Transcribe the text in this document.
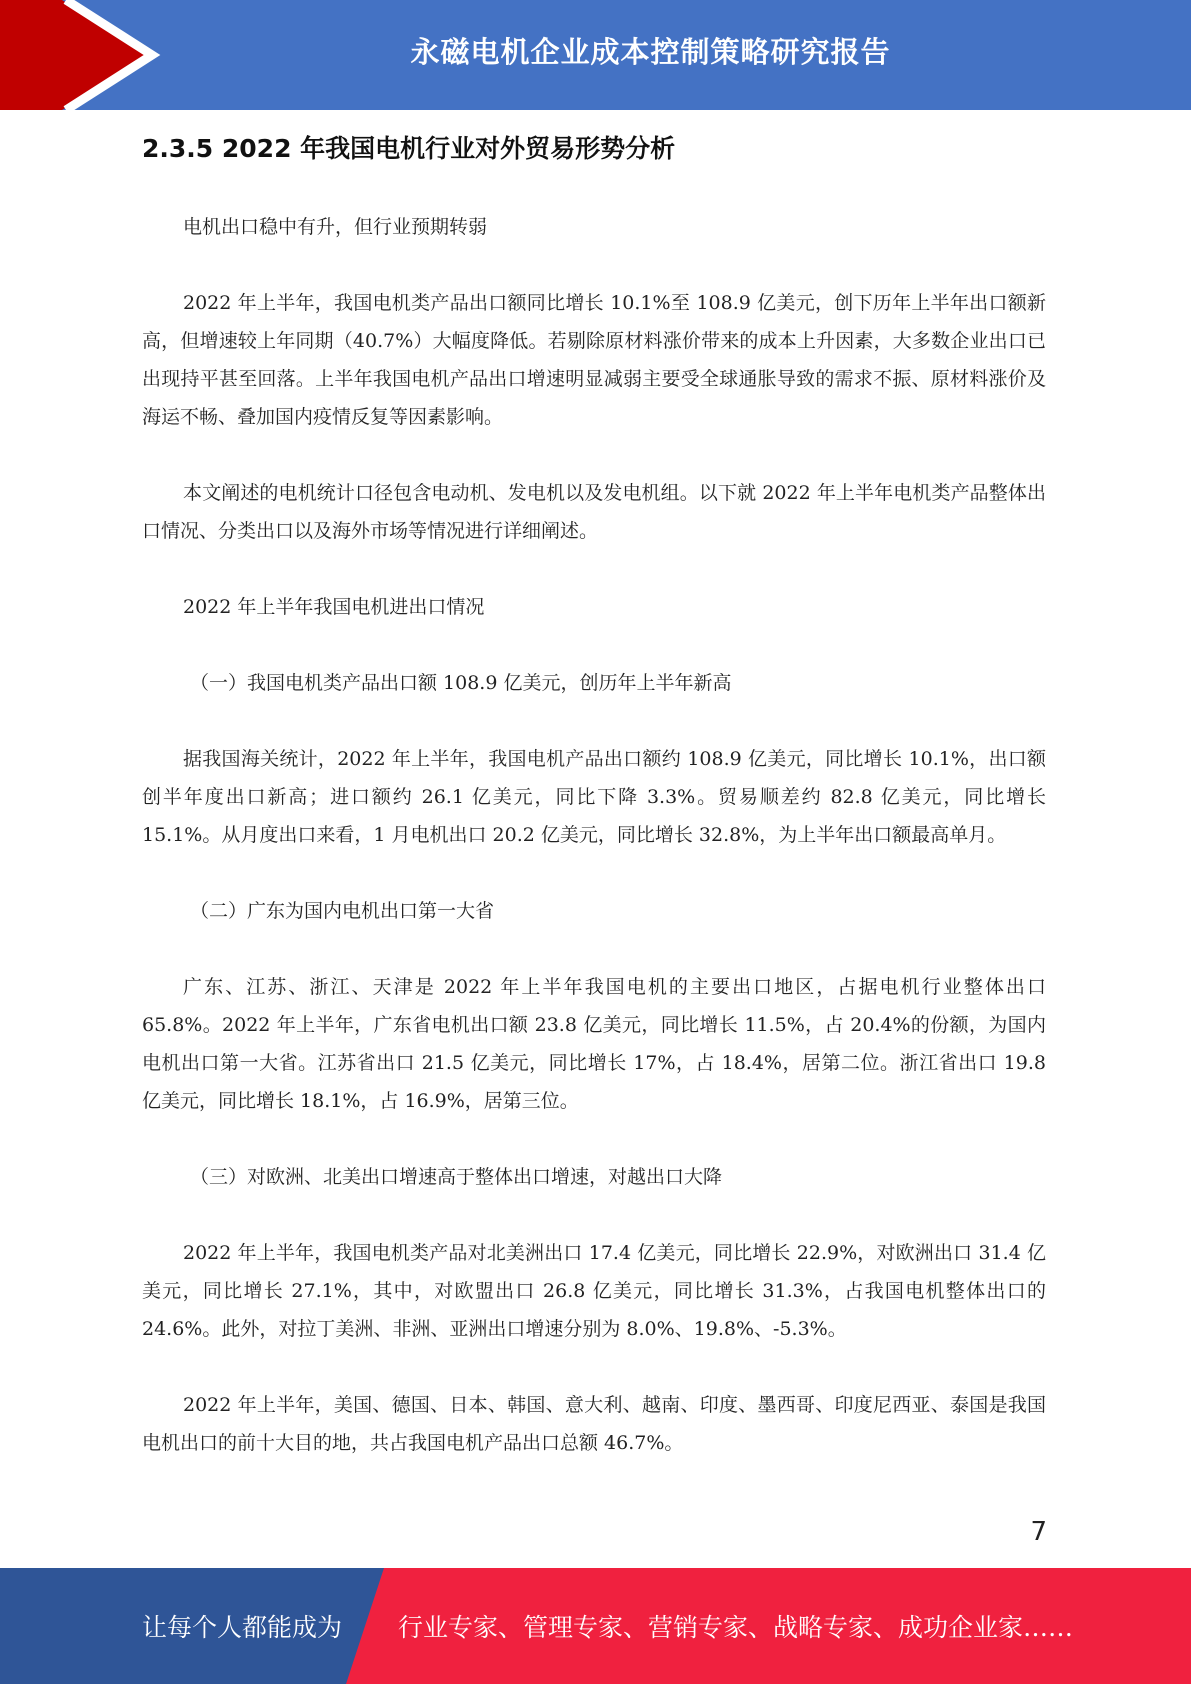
永磁电机企业成本控制策略研究报告
2.3.5 2022 年我国电机行业对外贸易形势分析

电机出口稳中有升，但行业预期转弱

2022 年上半年，我国电机类产品出口额同比增长 10.1%至 108.9 亿美元，创下历年上半年出口额新高，但增速较上年同期（40.7%）大幅度降低。若剔除原材料涨价带来的成本上升因素，大多数企业出口已出现持平甚至回落。上半年我国电机产品出口增速明显减弱主要受全球通胀导致的需求不振、原材料涨价及海运不畅、叠加国内疫情反复等因素影响。

本文阐述的电机统计口径包含电动机、发电机以及发电机组。以下就 2022 年上半年电机类产品整体出口情况、分类出口以及海外市场等情况进行详细阐述。

2022 年上半年我国电机进出口情况

（一）我国电机类产品出口额 108.9 亿美元，创历年上半年新高

据我国海关统计，2022 年上半年，我国电机产品出口额约 108.9 亿美元，同比增长 10.1%，出口额创半年度出口新高；进口额约 26.1 亿美元，同比下降 3.3%。贸易顺差约 82.8 亿美元，同比增长 15.1%。从月度出口来看，1 月电机出口 20.2 亿美元，同比增长 32.8%，为上半年出口额最高单月。

（二）广东为国内电机出口第一大省

广东、江苏、浙江、天津是 2022 年上半年我国电机的主要出口地区，占据电机行业整体出口 65.8%。2022 年上半年，广东省电机出口额 23.8 亿美元，同比增长 11.5%，占 20.4%的份额，为国内电机出口第一大省。江苏省出口 21.5 亿美元，同比增长 17%，占 18.4%，居第二位。浙江省出口 19.8 亿美元，同比增长 18.1%，占 16.9%，居第三位。

（三）对欧洲、北美出口增速高于整体出口增速，对越出口大降

2022 年上半年，我国电机类产品对北美洲出口 17.4 亿美元，同比增长 22.9%，对欧洲出口 31.4 亿美元，同比增长 27.1%，其中，对欧盟出口 26.8 亿美元，同比增长 31.3%，占我国电机整体出口的 24.6%。此外，对拉丁美洲、非洲、亚洲出口增速分别为 8.0%、19.8%、-5.3%。

2022 年上半年，美国、德国、日本、韩国、意大利、越南、印度、墨西哥、印度尼西亚、泰国是我国电机出口的前十大目的地，共占我国电机产品出口总额 46.7%。

7
让每个人都能成为 行业专家、管理专家、营销专家、战略专家、成功企业家……
